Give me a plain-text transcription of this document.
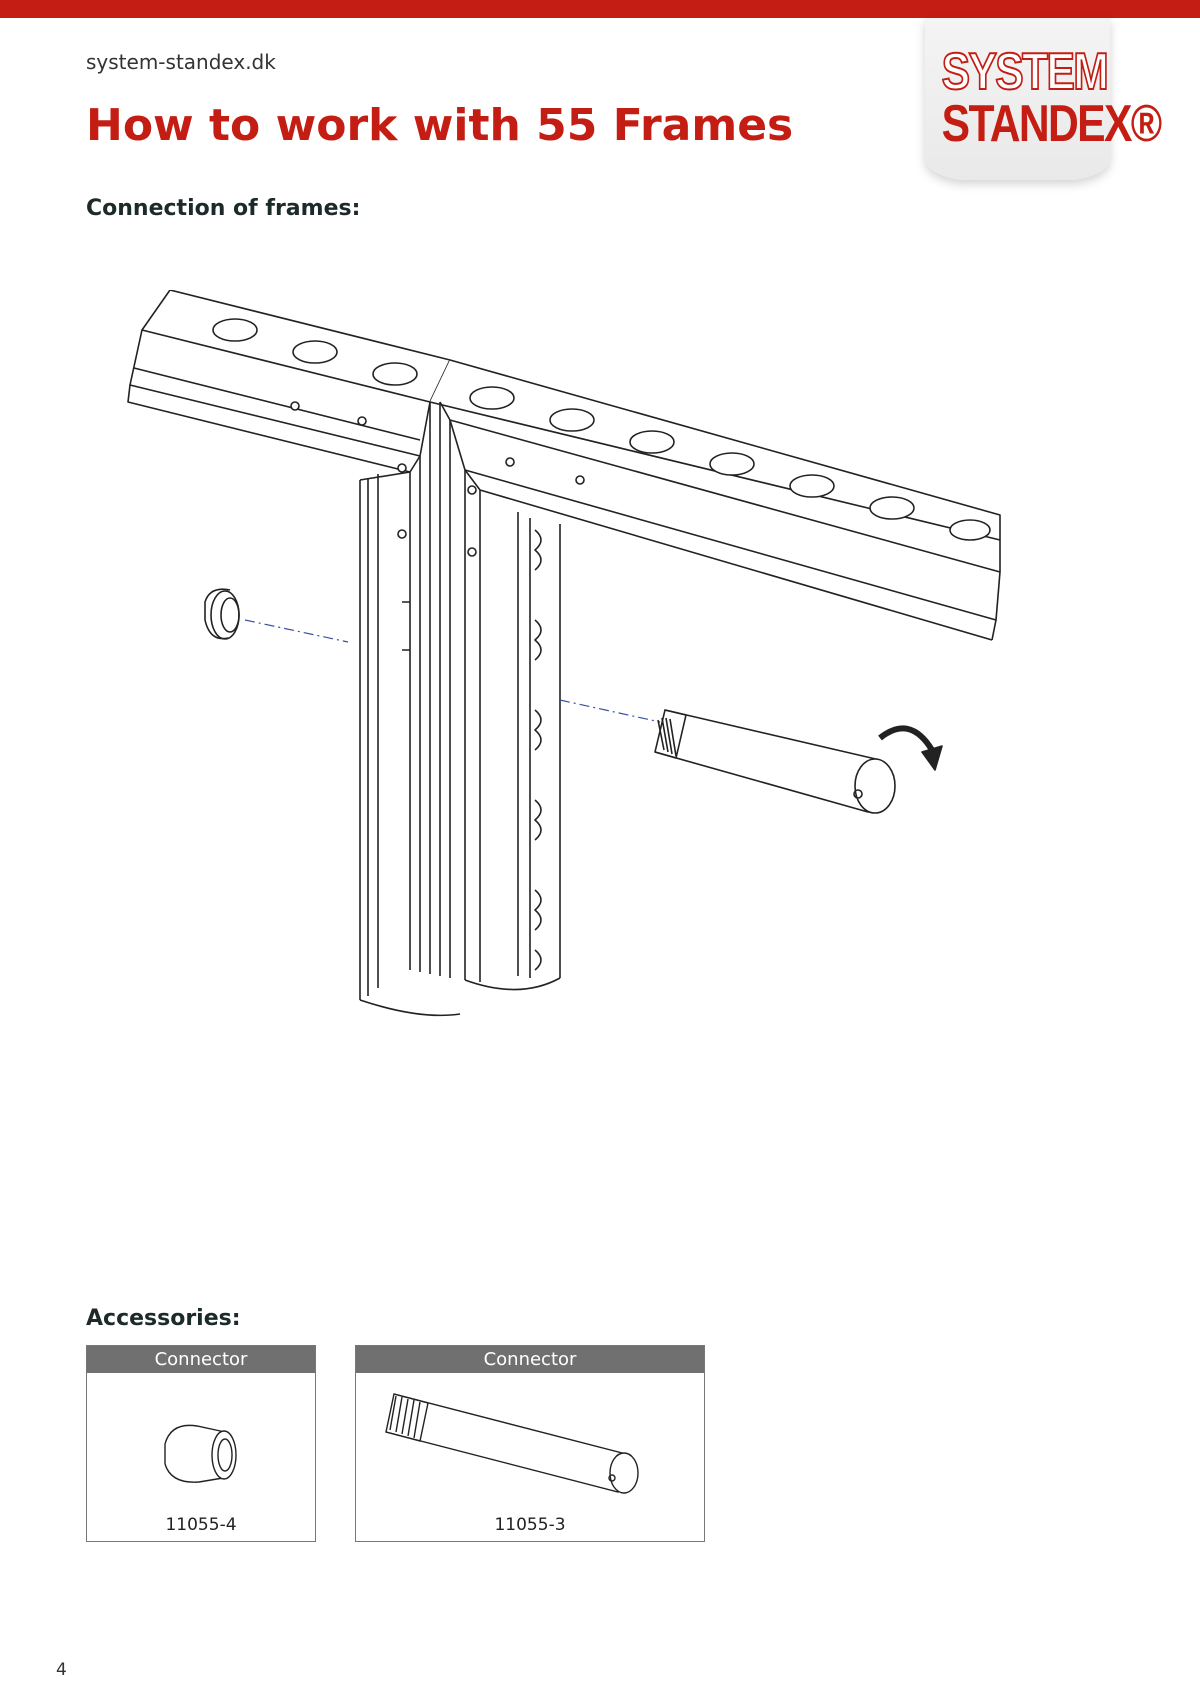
SYSTEM
STANDEX®
system-standex.dk
How to work with 55 Frames
Connection of frames:
Accessories:
Connector
11055-4
Connector
11055-3
4
